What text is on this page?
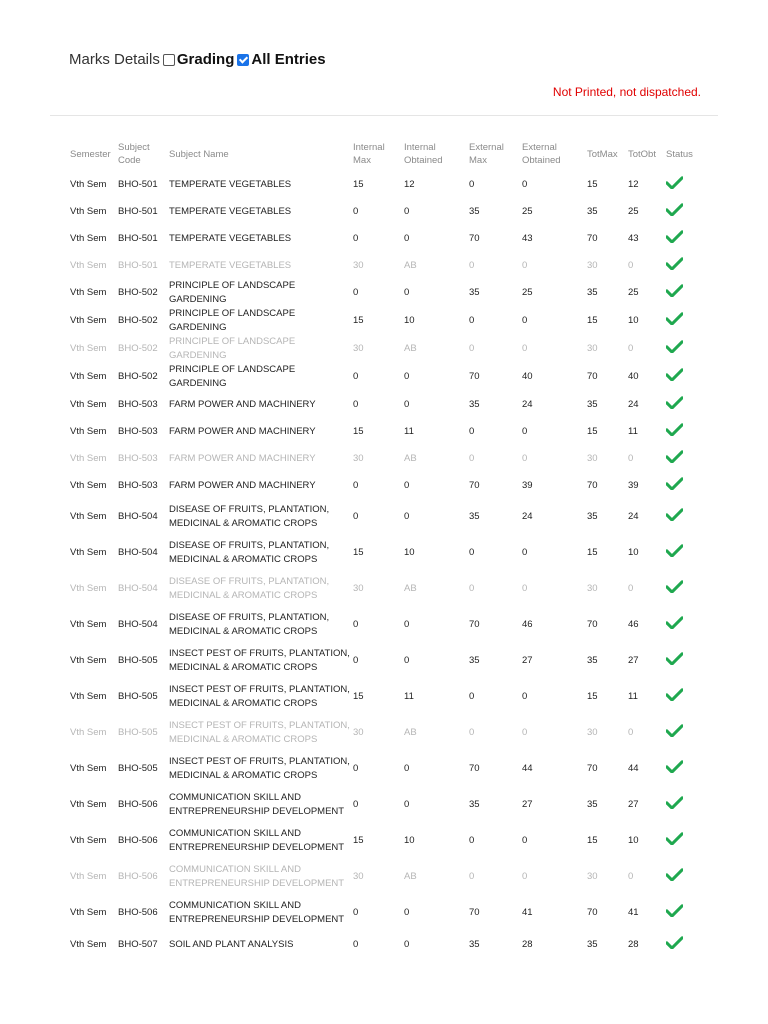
Marks Details Grading All Entries
Not Printed, not dispatched.
Semester	Subject Code	Subject Name	Internal Max	Internal Obtained	External Max	External Obtained	TotMax	TotObt	Status
Vth Sem	BHO-501	TEMPERATE VEGETABLES	15	12	0	0	15	12	
Vth Sem	BHO-501	TEMPERATE VEGETABLES	0	0	35	25	35	25	
Vth Sem	BHO-501	TEMPERATE VEGETABLES	0	0	70	43	70	43	
Vth Sem	BHO-501	TEMPERATE VEGETABLES	30	AB	0	0	30	0	
Vth Sem	BHO-502	PRINCIPLE OF LANDSCAPE GARDENING	0	0	35	25	35	25	
Vth Sem	BHO-502	PRINCIPLE OF LANDSCAPE GARDENING	15	10	0	0	15	10	
Vth Sem	BHO-502	PRINCIPLE OF LANDSCAPE GARDENING	30	AB	0	0	30	0	
Vth Sem	BHO-502	PRINCIPLE OF LANDSCAPE GARDENING	0	0	70	40	70	40	
Vth Sem	BHO-503	FARM POWER AND MACHINERY	0	0	35	24	35	24	
Vth Sem	BHO-503	FARM POWER AND MACHINERY	15	11	0	0	15	11	
Vth Sem	BHO-503	FARM POWER AND MACHINERY	30	AB	0	0	30	0	
Vth Sem	BHO-503	FARM POWER AND MACHINERY	0	0	70	39	70	39	
Vth Sem	BHO-504	DISEASE OF FRUITS, PLANTATION, MEDICINAL & AROMATIC CROPS	0	0	35	24	35	24	
Vth Sem	BHO-504	DISEASE OF FRUITS, PLANTATION, MEDICINAL & AROMATIC CROPS	15	10	0	0	15	10	
Vth Sem	BHO-504	DISEASE OF FRUITS, PLANTATION, MEDICINAL & AROMATIC CROPS	30	AB	0	0	30	0	
Vth Sem	BHO-504	DISEASE OF FRUITS, PLANTATION, MEDICINAL & AROMATIC CROPS	0	0	70	46	70	46	
Vth Sem	BHO-505	INSECT PEST OF FRUITS, PLANTATION, MEDICINAL & AROMATIC CROPS	0	0	35	27	35	27	
Vth Sem	BHO-505	INSECT PEST OF FRUITS, PLANTATION, MEDICINAL & AROMATIC CROPS	15	11	0	0	15	11	
Vth Sem	BHO-505	INSECT PEST OF FRUITS, PLANTATION, MEDICINAL & AROMATIC CROPS	30	AB	0	0	30	0	
Vth Sem	BHO-505	INSECT PEST OF FRUITS, PLANTATION, MEDICINAL & AROMATIC CROPS	0	0	70	44	70	44	
Vth Sem	BHO-506	COMMUNICATION SKILL AND ENTREPRENEURSHIP DEVELOPMENT	0	0	35	27	35	27	
Vth Sem	BHO-506	COMMUNICATION SKILL AND ENTREPRENEURSHIP DEVELOPMENT	15	10	0	0	15	10	
Vth Sem	BHO-506	COMMUNICATION SKILL AND ENTREPRENEURSHIP DEVELOPMENT	30	AB	0	0	30	0	
Vth Sem	BHO-506	COMMUNICATION SKILL AND ENTREPRENEURSHIP DEVELOPMENT	0	0	70	41	70	41	
Vth Sem	BHO-507	SOIL AND PLANT ANALYSIS	0	0	35	28	35	28	
